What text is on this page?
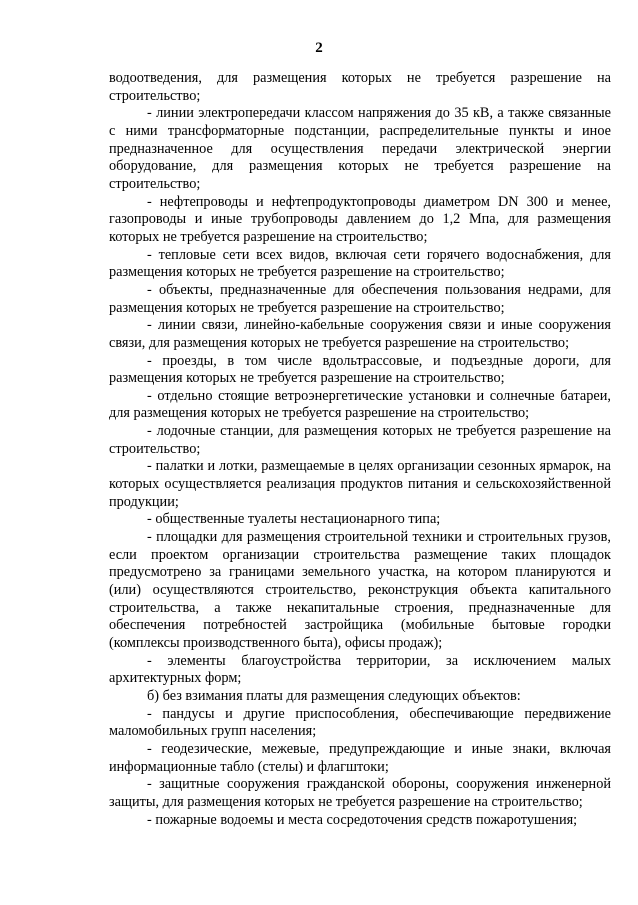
2

водоотведения, для размещения которых не требуется разрешение на строительство;

- линии электропередачи классом напряжения до 35 кВ, а также связанные с ними трансформаторные подстанции, распределительные пункты и иное предназначенное для осуществления передачи электрической энергии оборудование, для размещения которых не требуется разрешение на строительство;

- нефтепроводы и нефтепродуктопроводы диаметром DN 300 и менее, газопроводы и иные трубопроводы давлением до 1,2 Мпа, для размещения которых не требуется разрешение на строительство;

- тепловые сети всех видов, включая сети горячего водоснабжения, для размещения которых не требуется разрешение на строительство;

- объекты, предназначенные для обеспечения пользования недрами, для размещения которых не требуется разрешение на строительство;

- линии связи, линейно-кабельные сооружения связи и иные сооружения связи, для размещения которых не требуется разрешение на строительство;

- проезды, в том числе вдольтрассовые, и подъездные дороги, для размещения которых не требуется разрешение на строительство;

- отдельно стоящие ветроэнергетические установки и солнечные батареи, для размещения которых не требуется разрешение на строительство;

- лодочные станции, для размещения которых не требуется разрешение на строительство;

- палатки и лотки, размещаемые в целях организации сезонных ярмарок, на которых осуществляется реализация продуктов питания и сельскохозяйственной продукции;

- общественные туалеты нестационарного типа;

- площадки для размещения строительной техники и строительных грузов, если проектом организации строительства размещение таких площадок предусмотрено за границами земельного участка, на котором планируются и (или) осуществляются строительство, реконструкция объекта капитального строительства, а также некапитальные строения, предназначенные для обеспечения потребностей застройщика (мобильные бытовые городки (комплексы производственного быта), офисы продаж);

- элементы благоустройства территории, за исключением малых архитектурных форм;

б) без взимания платы для размещения следующих объектов:

- пандусы и другие приспособления, обеспечивающие передвижение маломобильных групп населения;

- геодезические, межевые, предупреждающие и иные знаки, включая информационные табло (стелы) и флагштоки;

- защитные сооружения гражданской обороны, сооружения инженерной защиты, для размещения которых не требуется разрешение на строительство;

- пожарные водоемы и места сосредоточения средств пожаротушения;
